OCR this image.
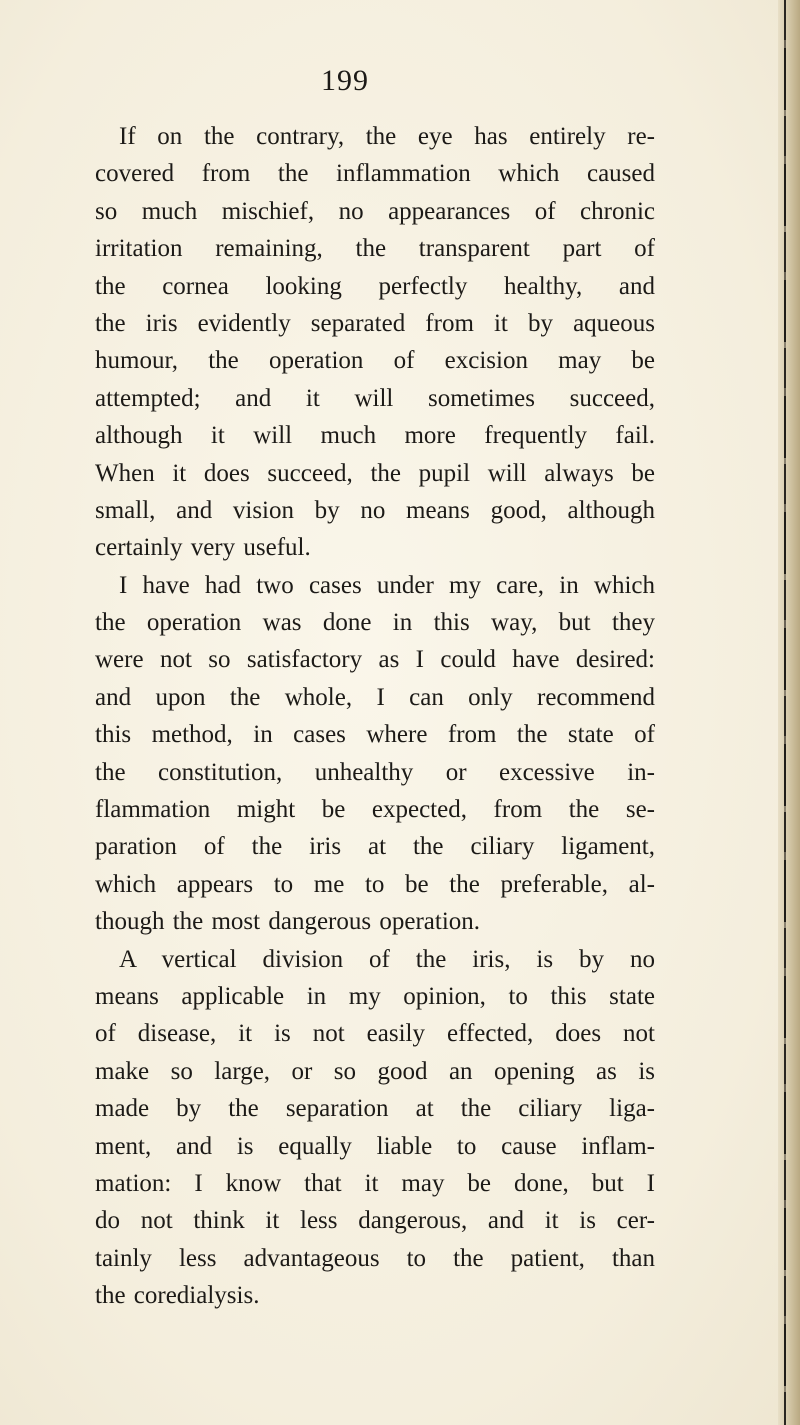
199

If on the contrary, the eye has entirely re-
covered from the inflammation which caused
so much mischief, no appearances of chronic
irritation remaining, the transparent part of
the cornea looking perfectly healthy, and
the iris evidently separated from it by aqueous
humour, the operation of excision may be
attempted; and it will sometimes succeed,
although it will much more frequently fail.
When it does succeed, the pupil will always be
small, and vision by no means good, although
certainly very useful.

I have had two cases under my care, in which
the operation was done in this way, but they
were not so satisfactory as I could have desired:
and upon the whole, I can only recommend
this method, in cases where from the state of
the constitution, unhealthy or excessive in-
flammation might be expected, from the se-
paration of the iris at the ciliary ligament,
which appears to me to be the preferable, al-
though the most dangerous operation.

A vertical division of the iris, is by no
means applicable in my opinion, to this state
of disease, it is not easily effected, does not
make so large, or so good an opening as is
made by the separation at the ciliary liga-
ment, and is equally liable to cause inflam-
mation: I know that it may be done, but I
do not think it less dangerous, and it is cer-
tainly less advantageous to the patient, than
the coredialysis.
